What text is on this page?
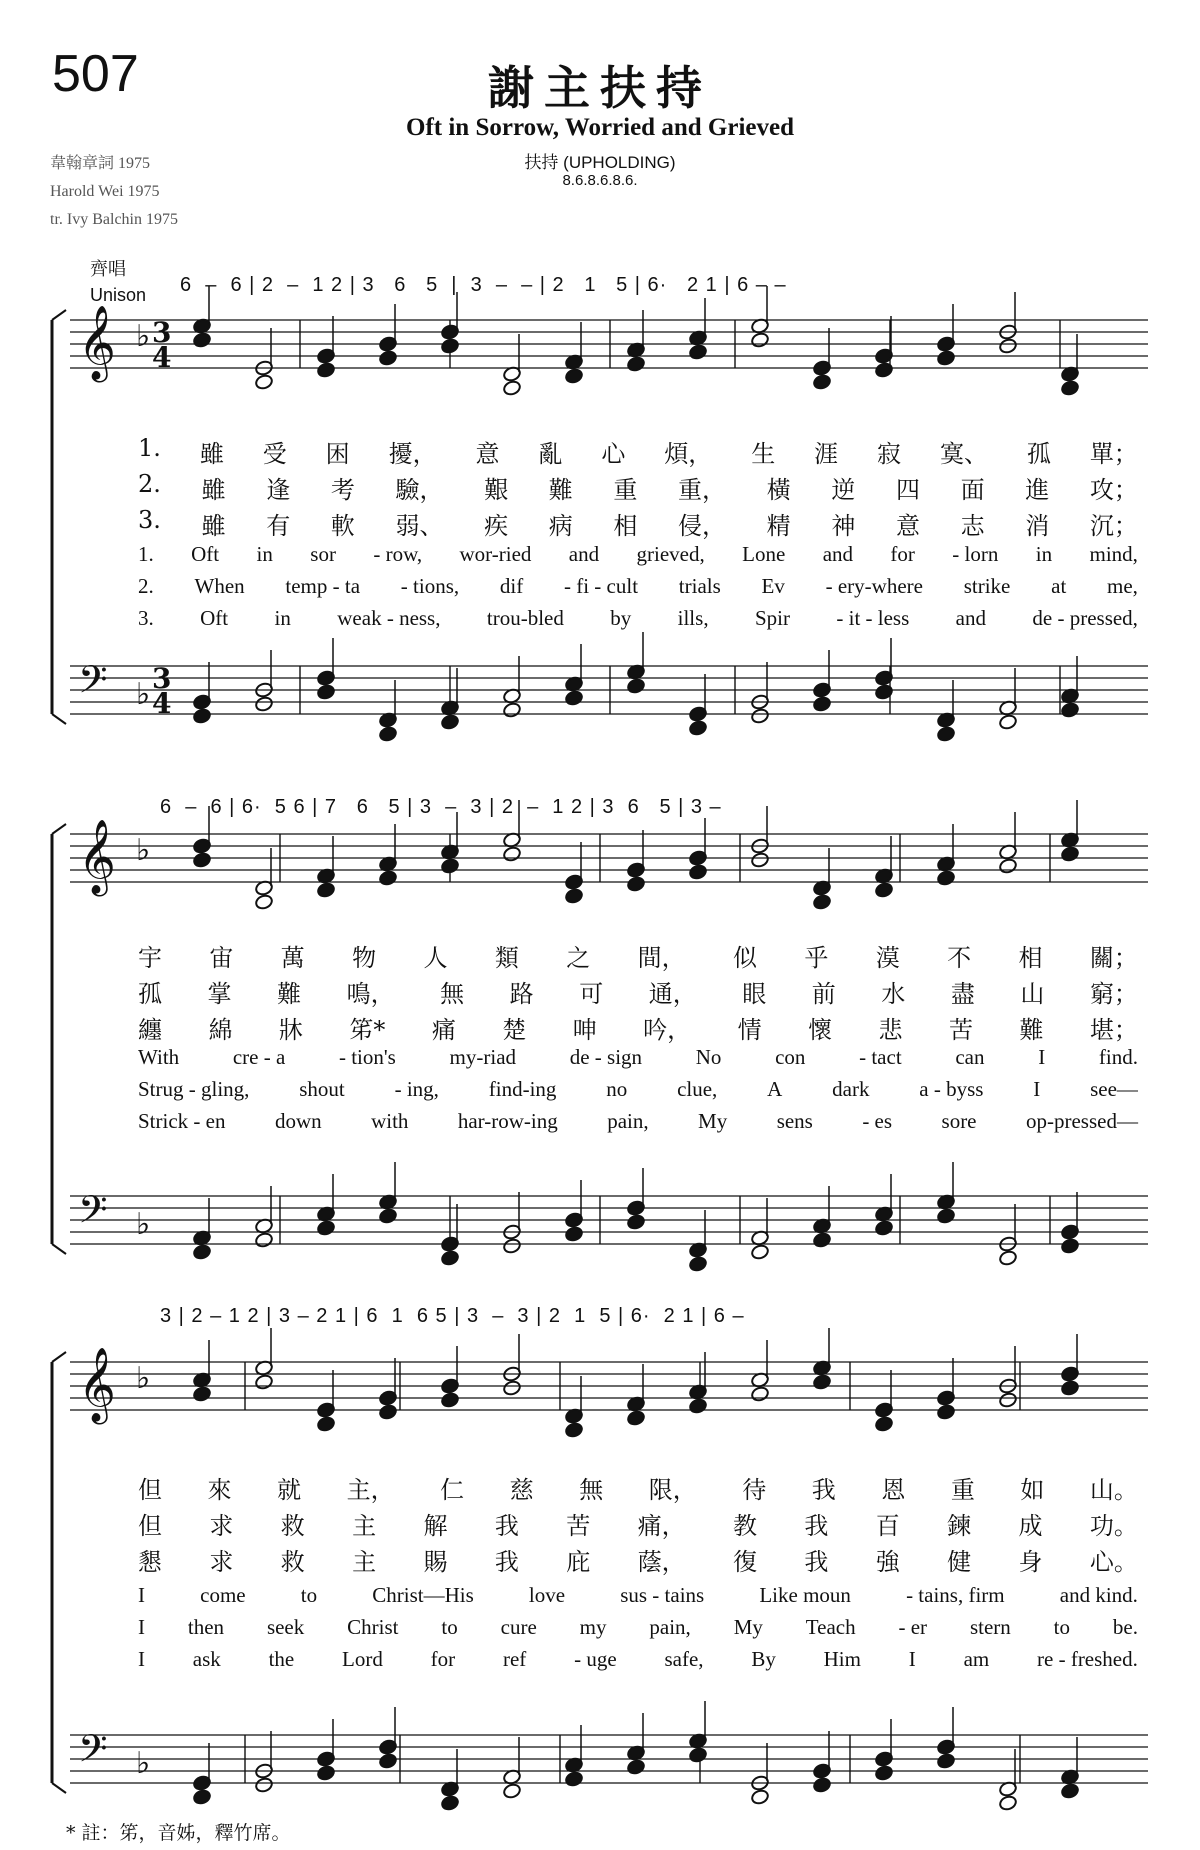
507	謝主扶持
Oft in Sorrow, Worried and Grieved
扶持 (UPHOLDING)
8.6.8.6.8.6.
韋翰章詞 1975
Harold Wei 1975
tr. Ivy Balchin 1975
齊唱
Unison 6  –  6 | 2  –  1 2 | 3   6   5  |  3  –  – | 2   1   5 | 6·   2 1 | 6 – –
6  –  6 | 6·  5 6 | 7   6   5 | 3  –  3 | 2  –  1 2 | 3  6   5 | 3 –
3 | 2 – 1 2 | 3 – 2 1 | 6  1  6 5 | 3  –  3 | 2  1  5 | 6·  2 1 | 6 –
𝄞 ♭ 3
4
𝄢 ♭ 3
4
𝄞 ♭
𝄢 ♭
𝄞 ♭
𝄢 ♭
1. 雖 受 困 擾， 意 亂 心 煩， 生 涯 寂 寞、 孤 單；
2. 雖 逢 考 驗， 艱 難 重 重， 橫 逆 四 面 進 攻；
3. 雖 有 軟 弱、 疾 病 相 侵， 精 神 意 志 消 沉；
1. Oft in sor - row, wor-ried and grieved, Lone and for - lorn in mind,
2. When temp - ta - tions, dif - fi - cult trials Ev - ery-where strike at me,
3. Oft in weak - ness, trou-bled by ills, Spir - it - less and de - pressed,
宇 宙 萬 物 人 類 之 間， 似 乎 漠 不 相 關；
孤 掌 難 鳴， 無 路 可 通， 眼 前 水 盡 山 窮；
纏 綿 牀 笫* 痛 楚 呻 吟， 情 懷 悲 苦 難 堪；
With	cre - a	- tion's	my-riad	de - sign	No	con	- tact	can	I	find.
Strug - gling, shout - ing, find-ing no clue, A dark a - byss I see—
Strick - en down with har-row-ing pain, My sens - es sore op-pressed—
但 來 就 主， 仁 慈 無 限， 待 我 恩 重 如 山。
但 求 救 主 解 我 苦 痛， 教 我 百 鍊 成 功。
懇 求 救 主 賜 我 庇 蔭， 復 我 強 健 身 心。
I	come	to	Christ—His	love	sus - tains	Like moun	- tains, firm	and kind.
I then seek Christ to cure my pain, My Teach - er stern to be.
I ask the Lord for ref - uge safe, By Him I am re - freshed.
* 註：笫，音姊，釋竹席。
